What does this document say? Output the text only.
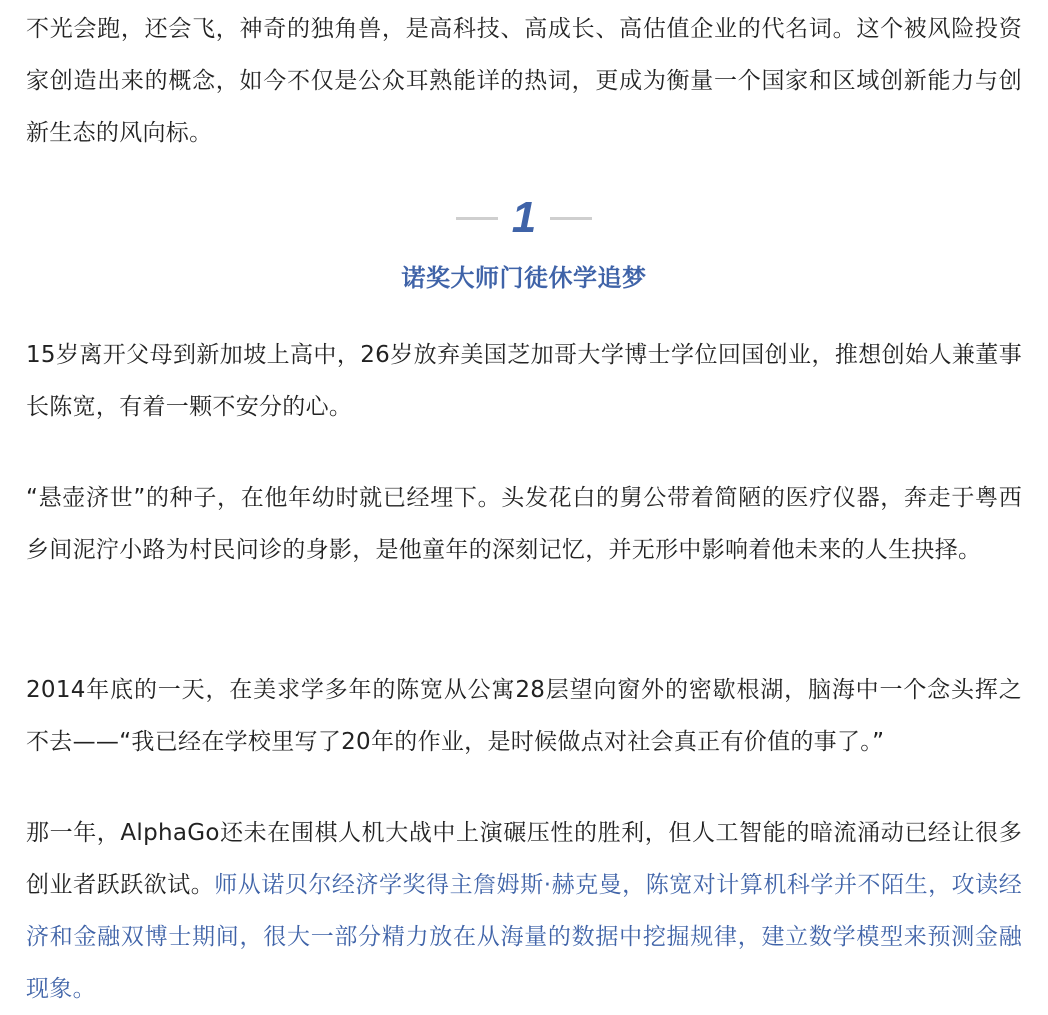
不光会跑，还会飞，神奇的独角兽，是高科技、高成长、高估值企业的代名词。这个被风险投资家创造出来的概念，如今不仅是公众耳熟能详的热词，更成为衡量一个国家和区域创新能力与创新生态的风向标。

1
诺奖大师门徒休学追梦

15岁离开父母到新加坡上高中，26岁放弃美国芝加哥大学博士学位回国创业，推想创始人兼董事长陈宽，有着一颗不安分的心。

“悬壶济世”的种子，在他年幼时就已经埋下。头发花白的舅公带着简陋的医疗仪器，奔走于粤西乡间泥泞小路为村民问诊的身影，是他童年的深刻记忆，并无形中影响着他未来的人生抉择。

2014年底的一天，在美求学多年的陈宽从公寓28层望向窗外的密歇根湖，脑海中一个念头挥之不去——“我已经在学校里写了20年的作业，是时候做点对社会真正有价值的事了。”

那一年，AlphaGo还未在围棋人机大战中上演碾压性的胜利，但人工智能的暗流涌动已经让很多创业者跃跃欲试。师从诺贝尔经济学奖得主詹姆斯·赫克曼，陈宽对计算机科学并不陌生，攻读经济和金融双博士期间，很大一部分精力放在从海量的数据中挖掘规律，建立数学模型来预测金融现象。
